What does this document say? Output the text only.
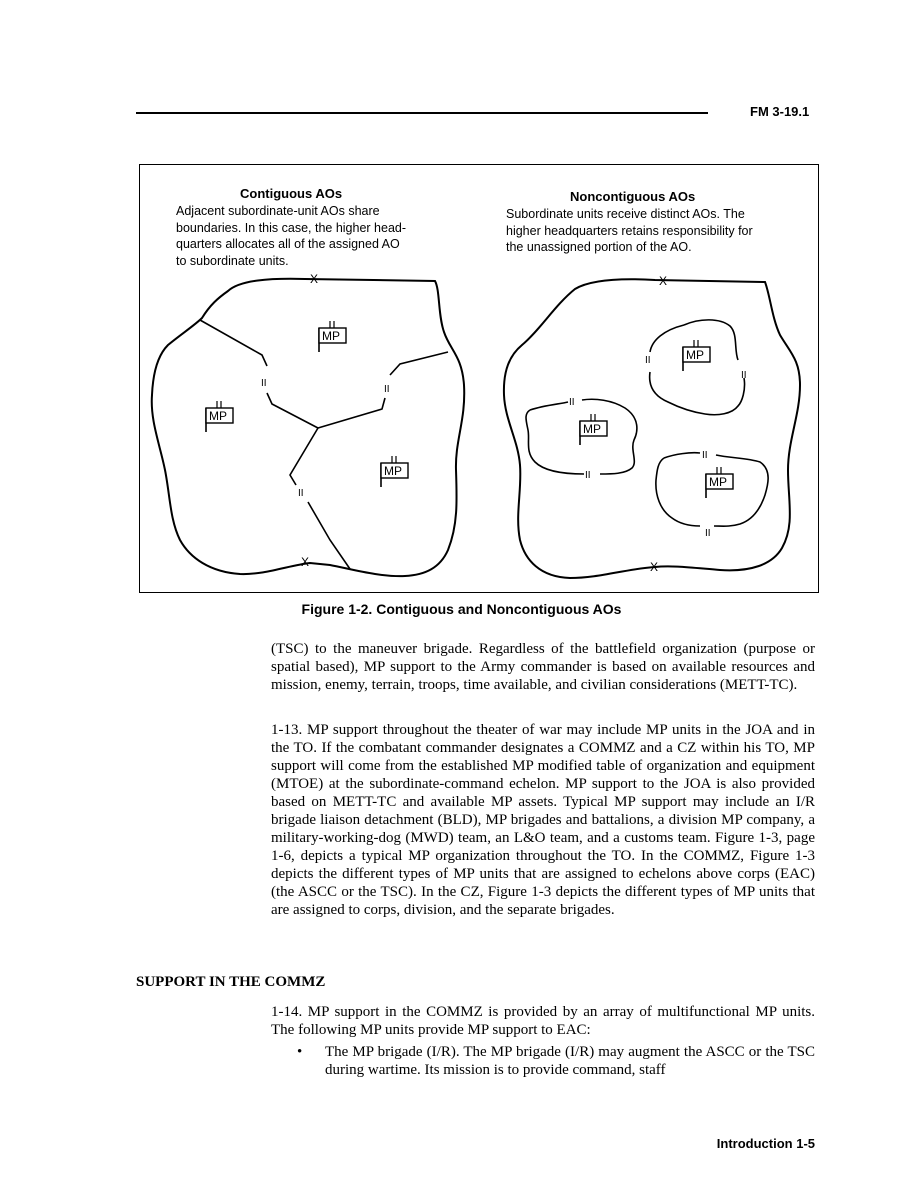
FM 3-19.1
Contiguous AOs
Adjacent subordinate-unit AOs share
boundaries. In this case, the higher head-
quarters allocates all of the assigned AO
to subordinate units.
Noncontiguous AOs
Subordinate units receive distinct AOs. The
higher headquarters retains responsibility for
the unassigned portion of the AO.
X
X
II
II
II
MP
MP
MP
II
II
II
II
II
II
X
X
MP
MP
MP
Figure 1-2. Contiguous and Noncontiguous AOs

(TSC) to the maneuver brigade. Regardless of the battlefield organization (purpose or spatial based), MP support to the Army commander is based on available resources and mission, enemy, terrain, troops, time available, and civilian considerations (METT-TC).

1-13. MP support throughout the theater of war may include MP units in the JOA and in the TO. If the combatant commander designates a COMMZ and a CZ within his TO, MP support will come from the established MP modified table of organization and equipment (MTOE) at the subordinate-command echelon. MP support to the JOA is also provided based on METT-TC and available MP assets. Typical MP support may include an I/R brigade liaison detachment (BLD), MP brigades and battalions, a division MP company, a military-working-dog (MWD) team, an L&O team, and a customs team. Figure 1-3, page 1-6, depicts a typical MP organization throughout the TO. In the COMMZ, Figure 1-3 depicts the different types of MP units that are assigned to echelons above corps (EAC) (the ASCC or the TSC). In the CZ, Figure 1-3 depicts the different types of MP units that are assigned to corps, division, and the separate brigades.

SUPPORT IN THE COMMZ

1-14. MP support in the COMMZ is provided by an array of multifunctional MP units. The following MP units provide MP support to EAC:

• The MP brigade (I/R). The MP brigade (I/R) may augment the ASCC or the TSC during wartime. Its mission is to provide command, staff
Introduction 1-5
